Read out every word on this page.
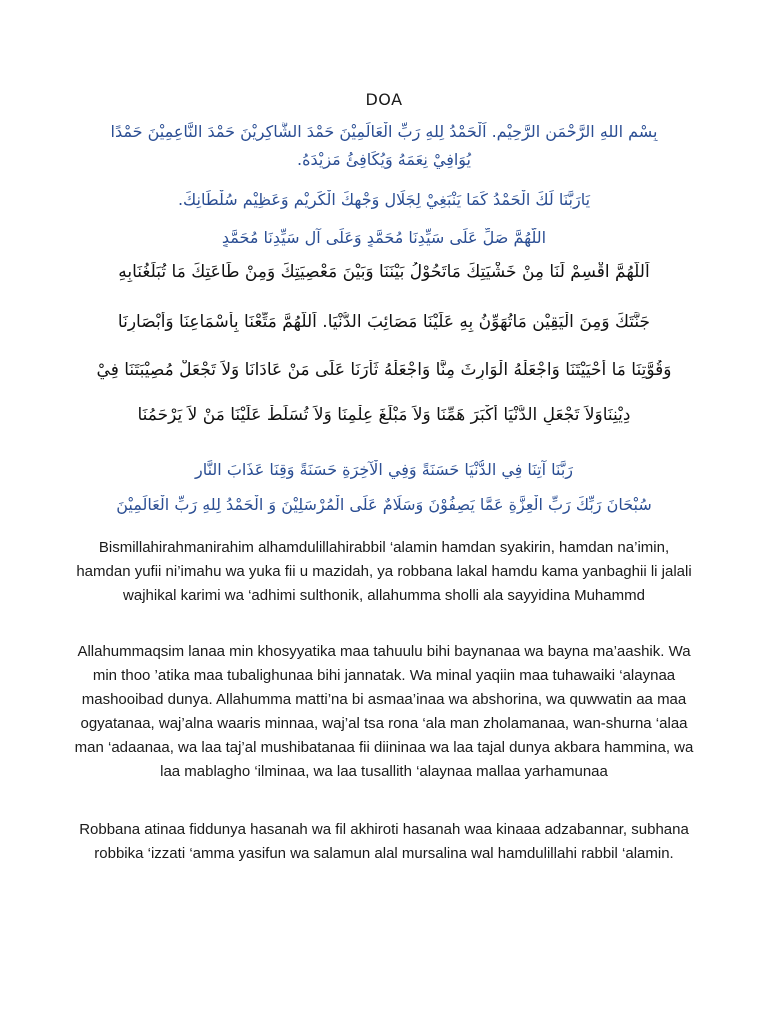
DOA
بِسْمِ اللهِ الرَّحْمَنِ الرَّحِيْمِ. اَلْحَمْدُ لِلهِ رَبِّ الْعَالَمِيْنَ حَمْدَ الشَّاكِرِيْنَ حَمْدَ النَّاعِمِيْنَ حَمْدًا
يُوَافِيْ نِعَمَهُ وَيُكَافِئُ مَزِيْدَهُ.
يَارَبَّنَا لَكَ الْحَمْدُ كَمَا يَنْبَغِيْ لِجَلَالِ وَجْهِكَ الْكَرِيْمِ وَعَظِيْمِ سُلْطَانِكَ.
اللَّهُمَّ صَلِّ عَلَى سَيِّدِنَا مُحَمَّدٍ وَعَلَى آلِ سَيِّدِنَا مُحَمَّدٍ
اَللَّهُمَّ اقْسِمْ لَنَا مِنْ خَشْيَتِكَ مَاتَحُوْلُ بَيْنَنَا وَبَيْنَ مَعْصِيَتِكَ وَمِنْ طَاعَتِكَ مَا تُبَلِّغُنَابِهِ
جَنَّتَكَ وَمِنَ الْيَقِيْنِ مَاتُهَوِّنُ بِهِ عَلَيْنَا مَصَائِبَ الدُّنْيَا. اَللَّهُمَّ مَتِّعْنَا بِأَسْمَاعِنَا وَأَبْصَارِنَا
وَقُوَّتِنَا مَا أَحْيَيْتَنَا وَاجْعَلْهُ الْوَارِثَ مِنَّا وَاجْعَلْهُ ثَأْرَنَا عَلَى مَنْ عَادَانَا وَلاَ تَجْعَلْ مُصِيْبَتَنَا فِيْ
دِيْنِنَاوَلاَ تَجْعَلِ الدُّنْيَا أَكْبَرَ هَمِّنَا وَلاَ مَبْلَغَ عِلْمِنَا وَلاَ تُسَلِّطْ عَلَيْنَا مَنْ لاَ يَرْحَمُنَا
رَبَّنَا آتِنَا فِي الدُّنْيَا حَسَنَةً وَفِي الْآخِرَةِ حَسَنَةً وَقِنَا عَذَابَ النَّارِ
سُبْحَانَ رَبِّكَ رَبِّ الْعِزَّةِ عَمَّا يَصِفُوْنَ وَسَلَامٌ عَلَى الْمُرْسَلِيْنَ وَ الْحَمْدُ لِلهِ رَبِّ الْعَالَمِيْنَ
Bismillahirahmanirahim alhamdulillahirabbil ‘alamin hamdan syakirin, hamdan na’imin, hamdan yufii ni’imahu wa yuka fii u mazidah, ya robbana lakal hamdu kama yanbaghii li jalali wajhikal karimi wa ‘adhimi sulthonik, allahumma sholli ala sayyidina Muhammd
Allahummaqsim lanaa min khosyyatika maa tahuulu bihi baynanaa wa bayna ma’aashik. Wa min thoo ’atika maa tubalighunaa bihi jannatak. Wa minal yaqiin maa tuhawaiki ‘alaynaa mashooibad dunya. Allahumma matti’na bi asmaa’inaa wa abshorina, wa quwwatin aa maa ogyatanaa, waj’alna waaris minnaa, waj’al tsa rona ‘ala man zholamanaa, wan-shurna ‘alaa man ‘adaanaa, wa laa taj’al mushibatanaa fii diininaa wa laa tajal dunya akbara hammina, wa laa mablagho ‘ilminaa, wa laa tusallith ‘alaynaa mallaa yarhamunaa
Robbana atinaa fiddunya hasanah wa fil akhiroti hasanah waa kinaaa adzabannar, subhana robbika ‘izzati ‘amma yasifun wa salamun alal mursalina wal hamdulillahi rabbil ‘alamin.
